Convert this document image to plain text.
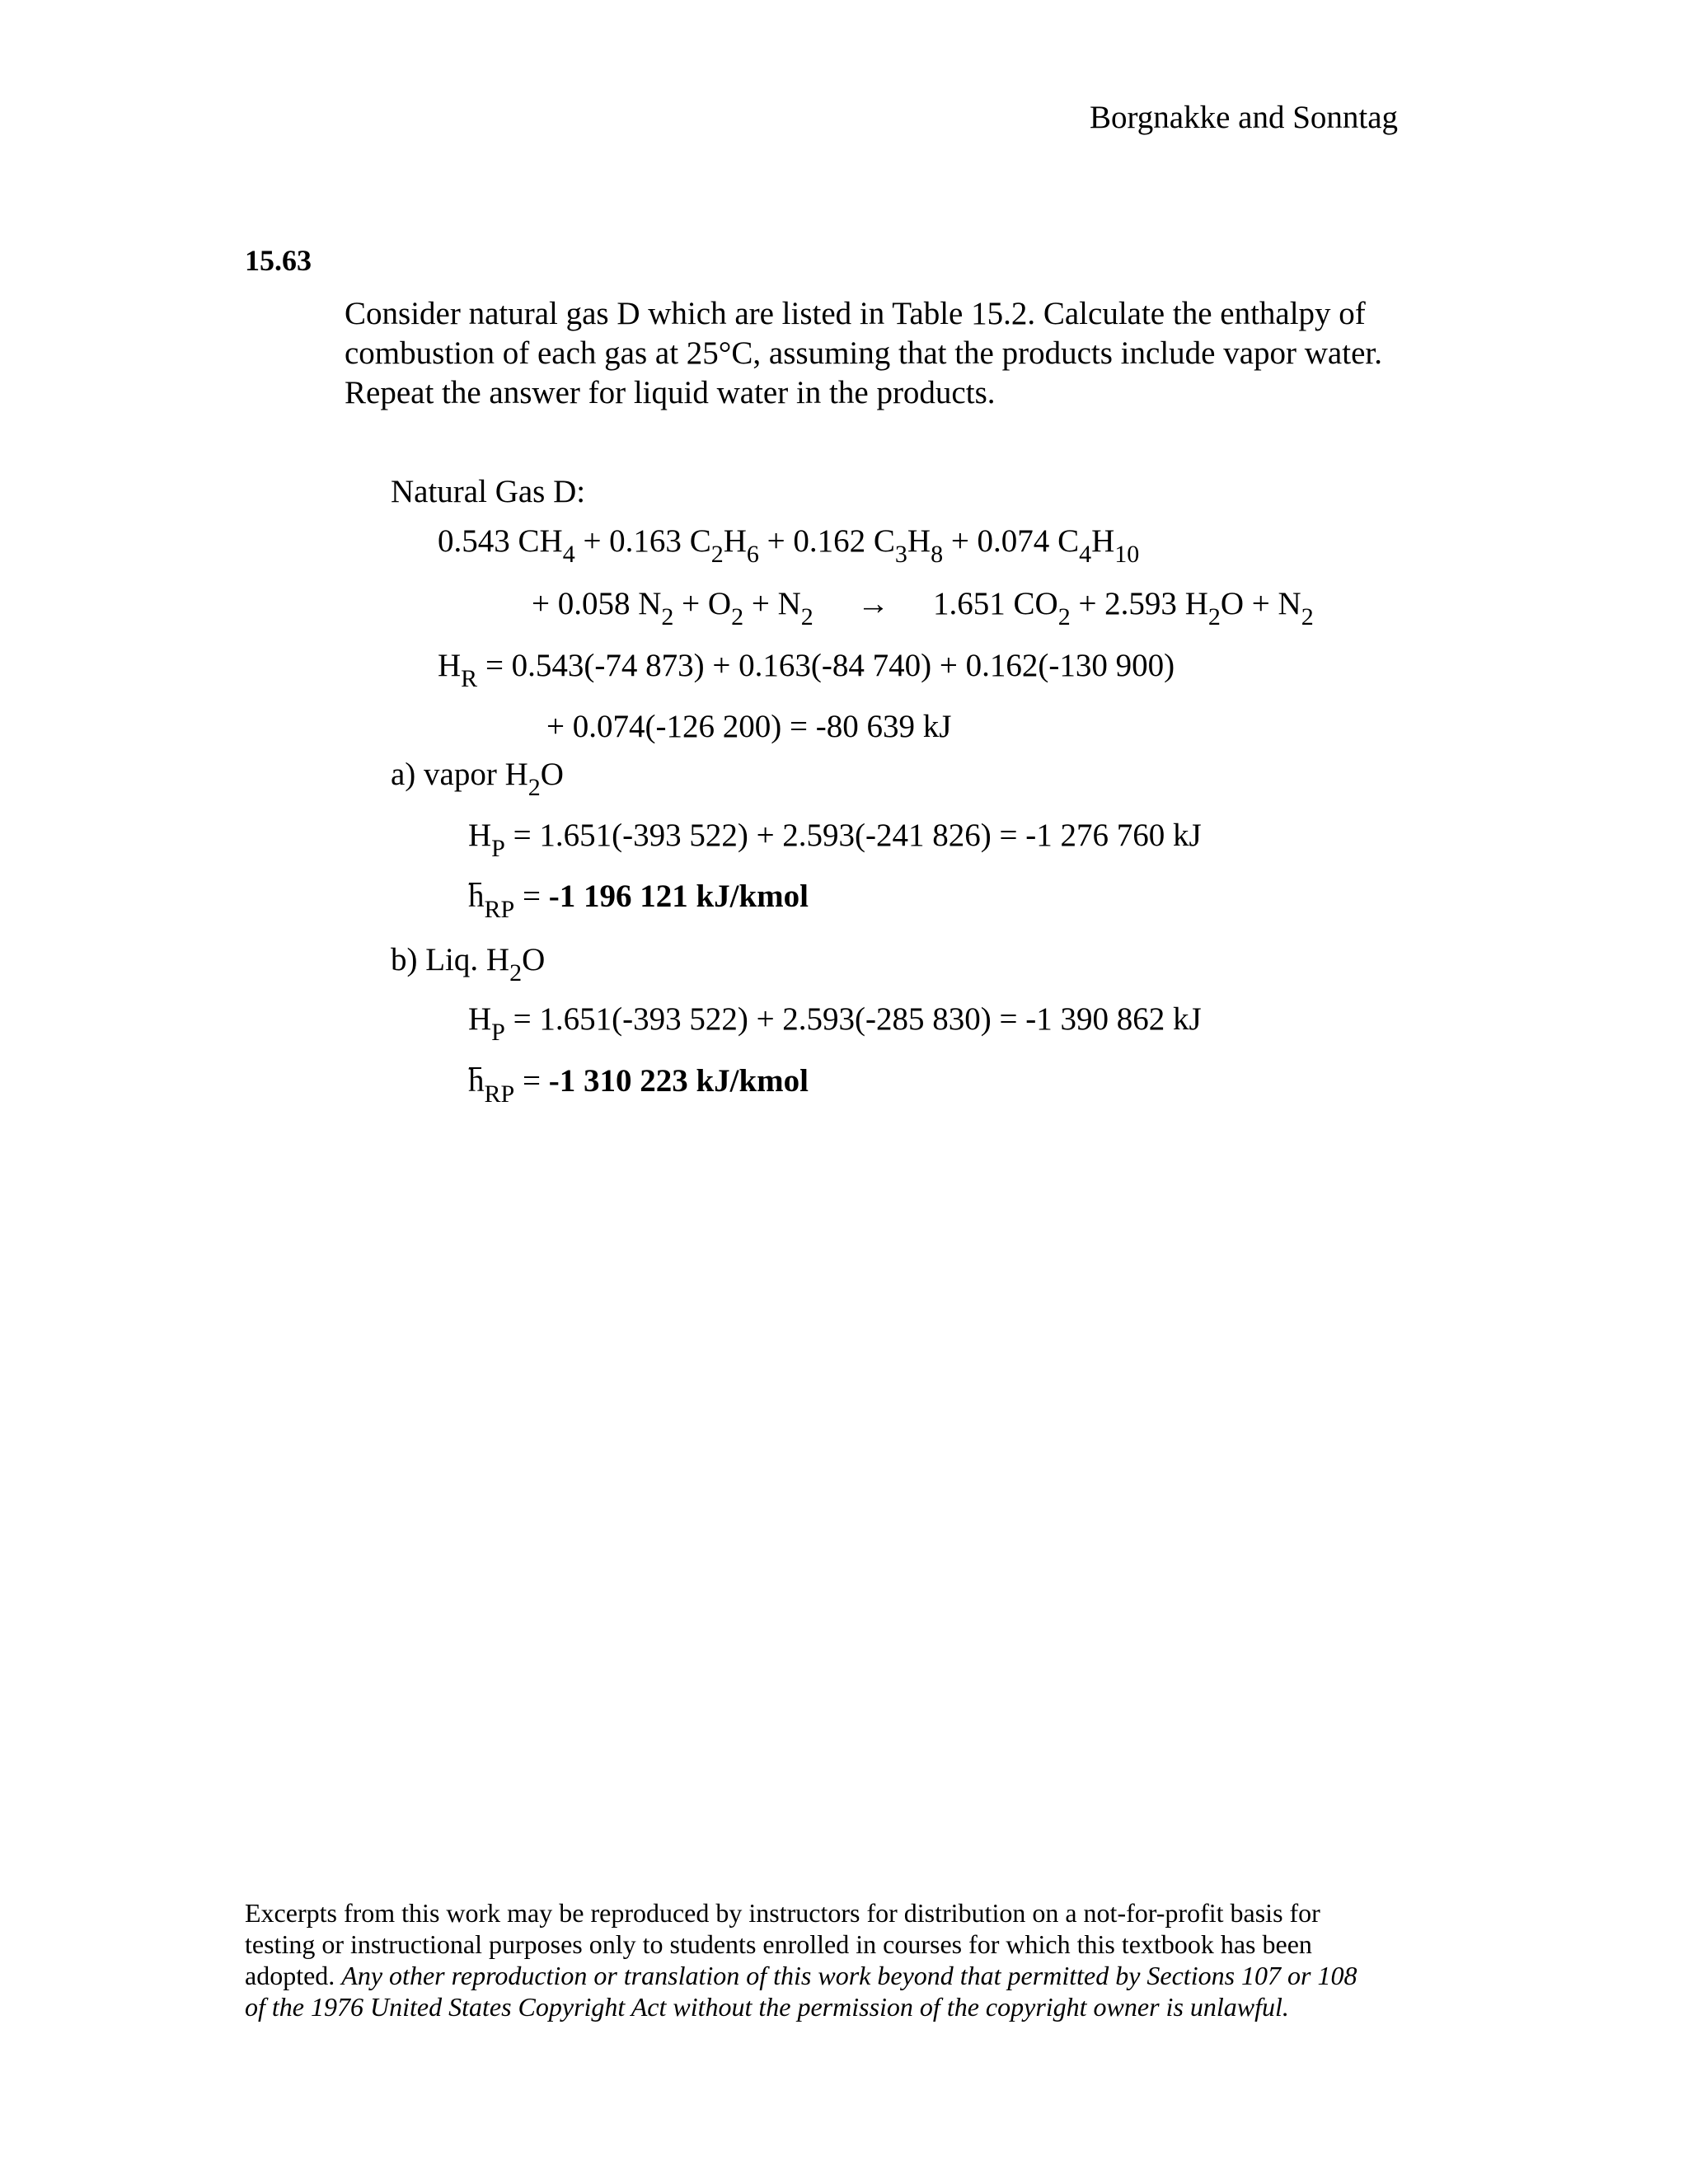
Borgnakke and Sonntag
15.63
Consider natural gas D which are listed in Table 15.2. Calculate the enthalpy of
combustion of each gas at 25°C, assuming that the products include vapor water.
Repeat the answer for liquid water in the products.
Natural Gas D:
0.543 $CH_4 + 0.163$ $C_2H_6 + 0.162$ $C_3H_8 + 0.074$ $C_4H_{10}$
+ 0.058 $N_2 + O_2 + N_2 \to 1.651$ $CO_2 + 2.593$ $H_2O + N_2$
$H_R = 0.543(-74$ 873) + 0.163(-84 740) + 0.162(-130 900)
+ 0.074(-126 200) = -80 639 kJ
a) vapor $H_2O$
$H_P = 1.651(-393$ 522) + 2.593(-241 826) = -1 276 760 kJ
$h_{RP} = -1$ 196 121 kJ/kmol
b) Liq. $H_2O$
$H_P = 1.651(-393$ 522) + 2.593(-285 830) = -1 390 862 kJ
$h_{RP} = -1$ 310 223 kJ/kmol
Excerpts from this work may be reproduced by instructors for distribution on a not-for-profit basis for
testing or instructional purposes only to students enrolled in courses for which this textbook has been
adopted. Any other reproduction or translation of this work beyond that permitted by Sections 107 or 108
of the 1976 United States Copyright Act without the permission of the copyright owner is unlawful.
